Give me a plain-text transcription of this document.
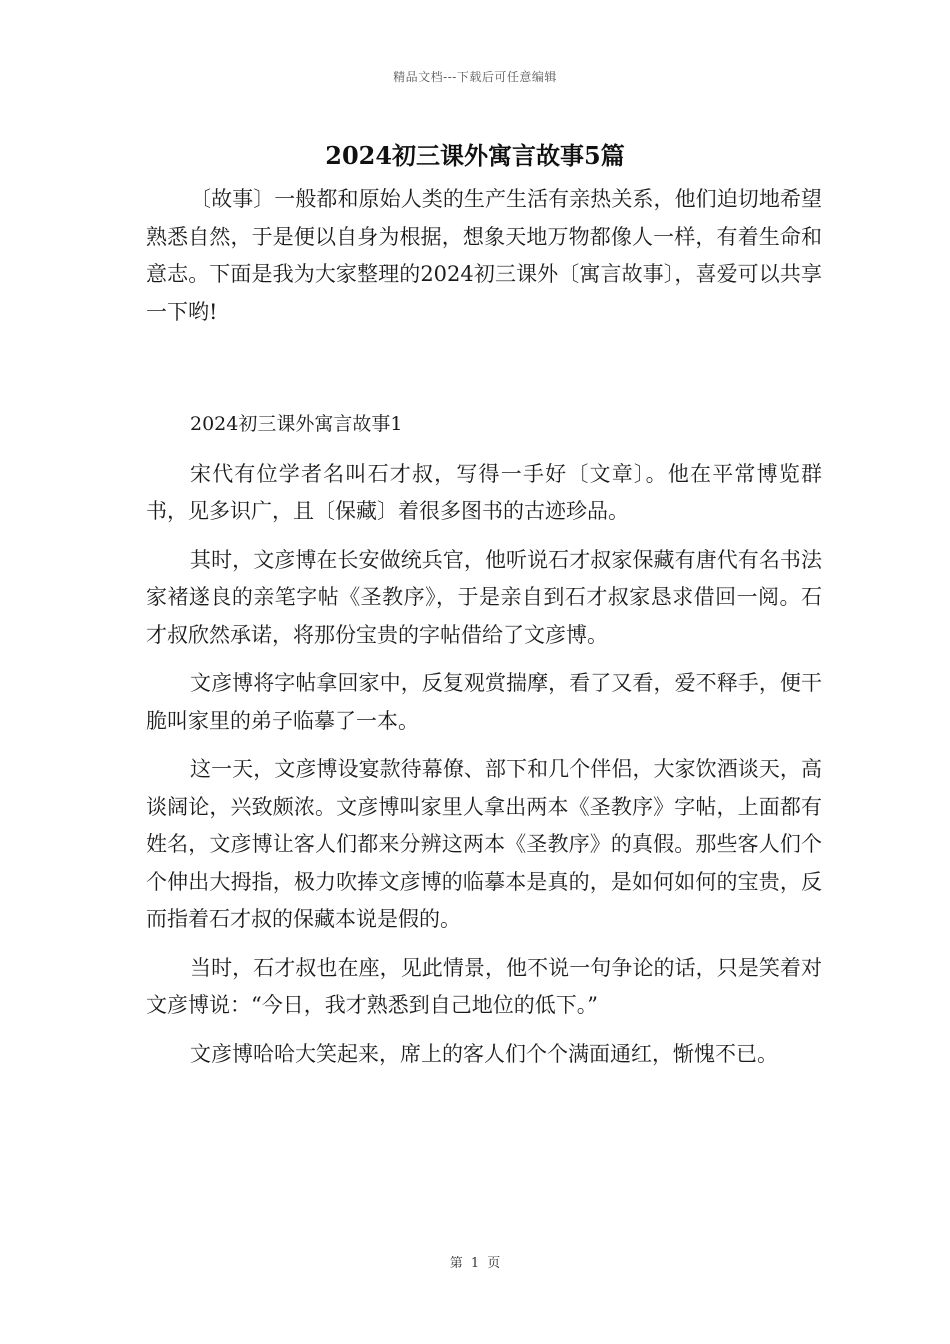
精品文档---下载后可任意编辑
2024初三课外寓言故事5篇

〔故事〕一般都和原始人类的生产生活有亲热关系，他们迫切地希望熟悉自然，于是便以自身为根据，想象天地万物都像人一样，有着生命和意志。下面是我为大家整理的2024初三课外〔寓言故事〕，喜爱可以共享一下哟!

2024初三课外寓言故事1

宋代有位学者名叫石才叔，写得一手好〔文章〕。他在平常博览群书，见多识广，且〔保藏〕着很多图书的古迹珍品。

其时，文彦博在长安做统兵官，他听说石才叔家保藏有唐代有名书法家褚遂良的亲笔字帖《圣教序》，于是亲自到石才叔家恳求借回一阅。石才叔欣然承诺，将那份宝贵的字帖借给了文彦博。

文彦博将字帖拿回家中，反复观赏揣摩，看了又看，爱不释手，便干脆叫家里的弟子临摹了一本。

这一天，文彦博设宴款待幕僚、部下和几个伴侣，大家饮酒谈天，高谈阔论，兴致颇浓。文彦博叫家里人拿出两本《圣教序》字帖，上面都有姓名，文彦博让客人们都来分辨这两本《圣教序》的真假。那些客人们个个伸出大拇指，极力吹捧文彦博的临摹本是真的，是如何如何的宝贵，反而指着石才叔的保藏本说是假的。

当时，石才叔也在座，见此情景，他不说一句争论的话，只是笑着对文彦博说：“今日，我才熟悉到自己地位的低下。”

文彦博哈哈大笑起来，席上的客人们个个满面通红，惭愧不已。

第 1 页
